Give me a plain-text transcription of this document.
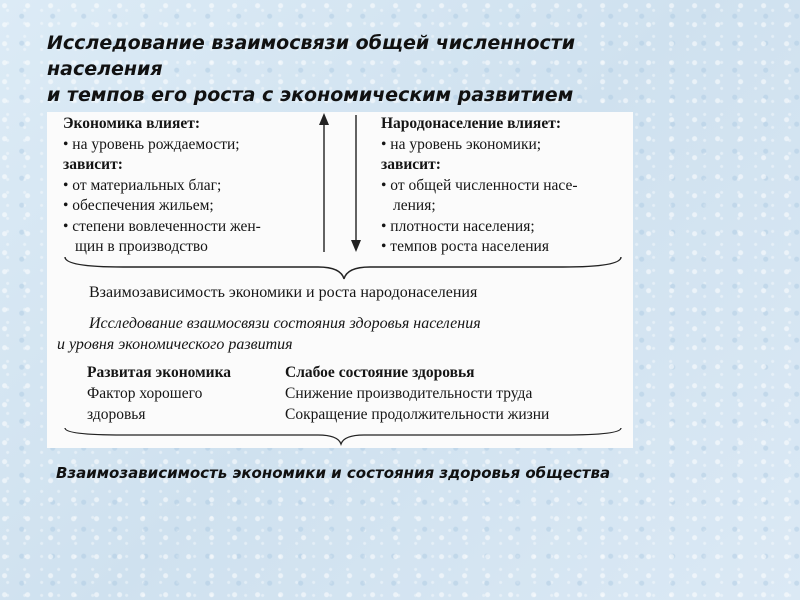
Исследование взаимосвязи общей численности
населения
и темпов его роста с экономическим развитием
Экономика влияет:
• на уровень рождаемости;
зависит:
• от материальных благ;
• обеспечения жильем;
• степени вовлеченности жен-
щин в производство
Народонаселение влияет:
• на уровень экономики;
зависит:
• от общей численности насе-
ления;
• плотности населения;
• темпов роста населения
Взаимозависимость экономики и роста народонаселения
Исследование взаимосвязи состояния здоровья населения
и уровня экономического развития
Развитая экономика
Фактор хорошего
здоровья
Слабое состояние здоровья
Снижение производительности труда
Сокращение продолжительности жизни
Взаимозависимость экономики и состояния здоровья общества
